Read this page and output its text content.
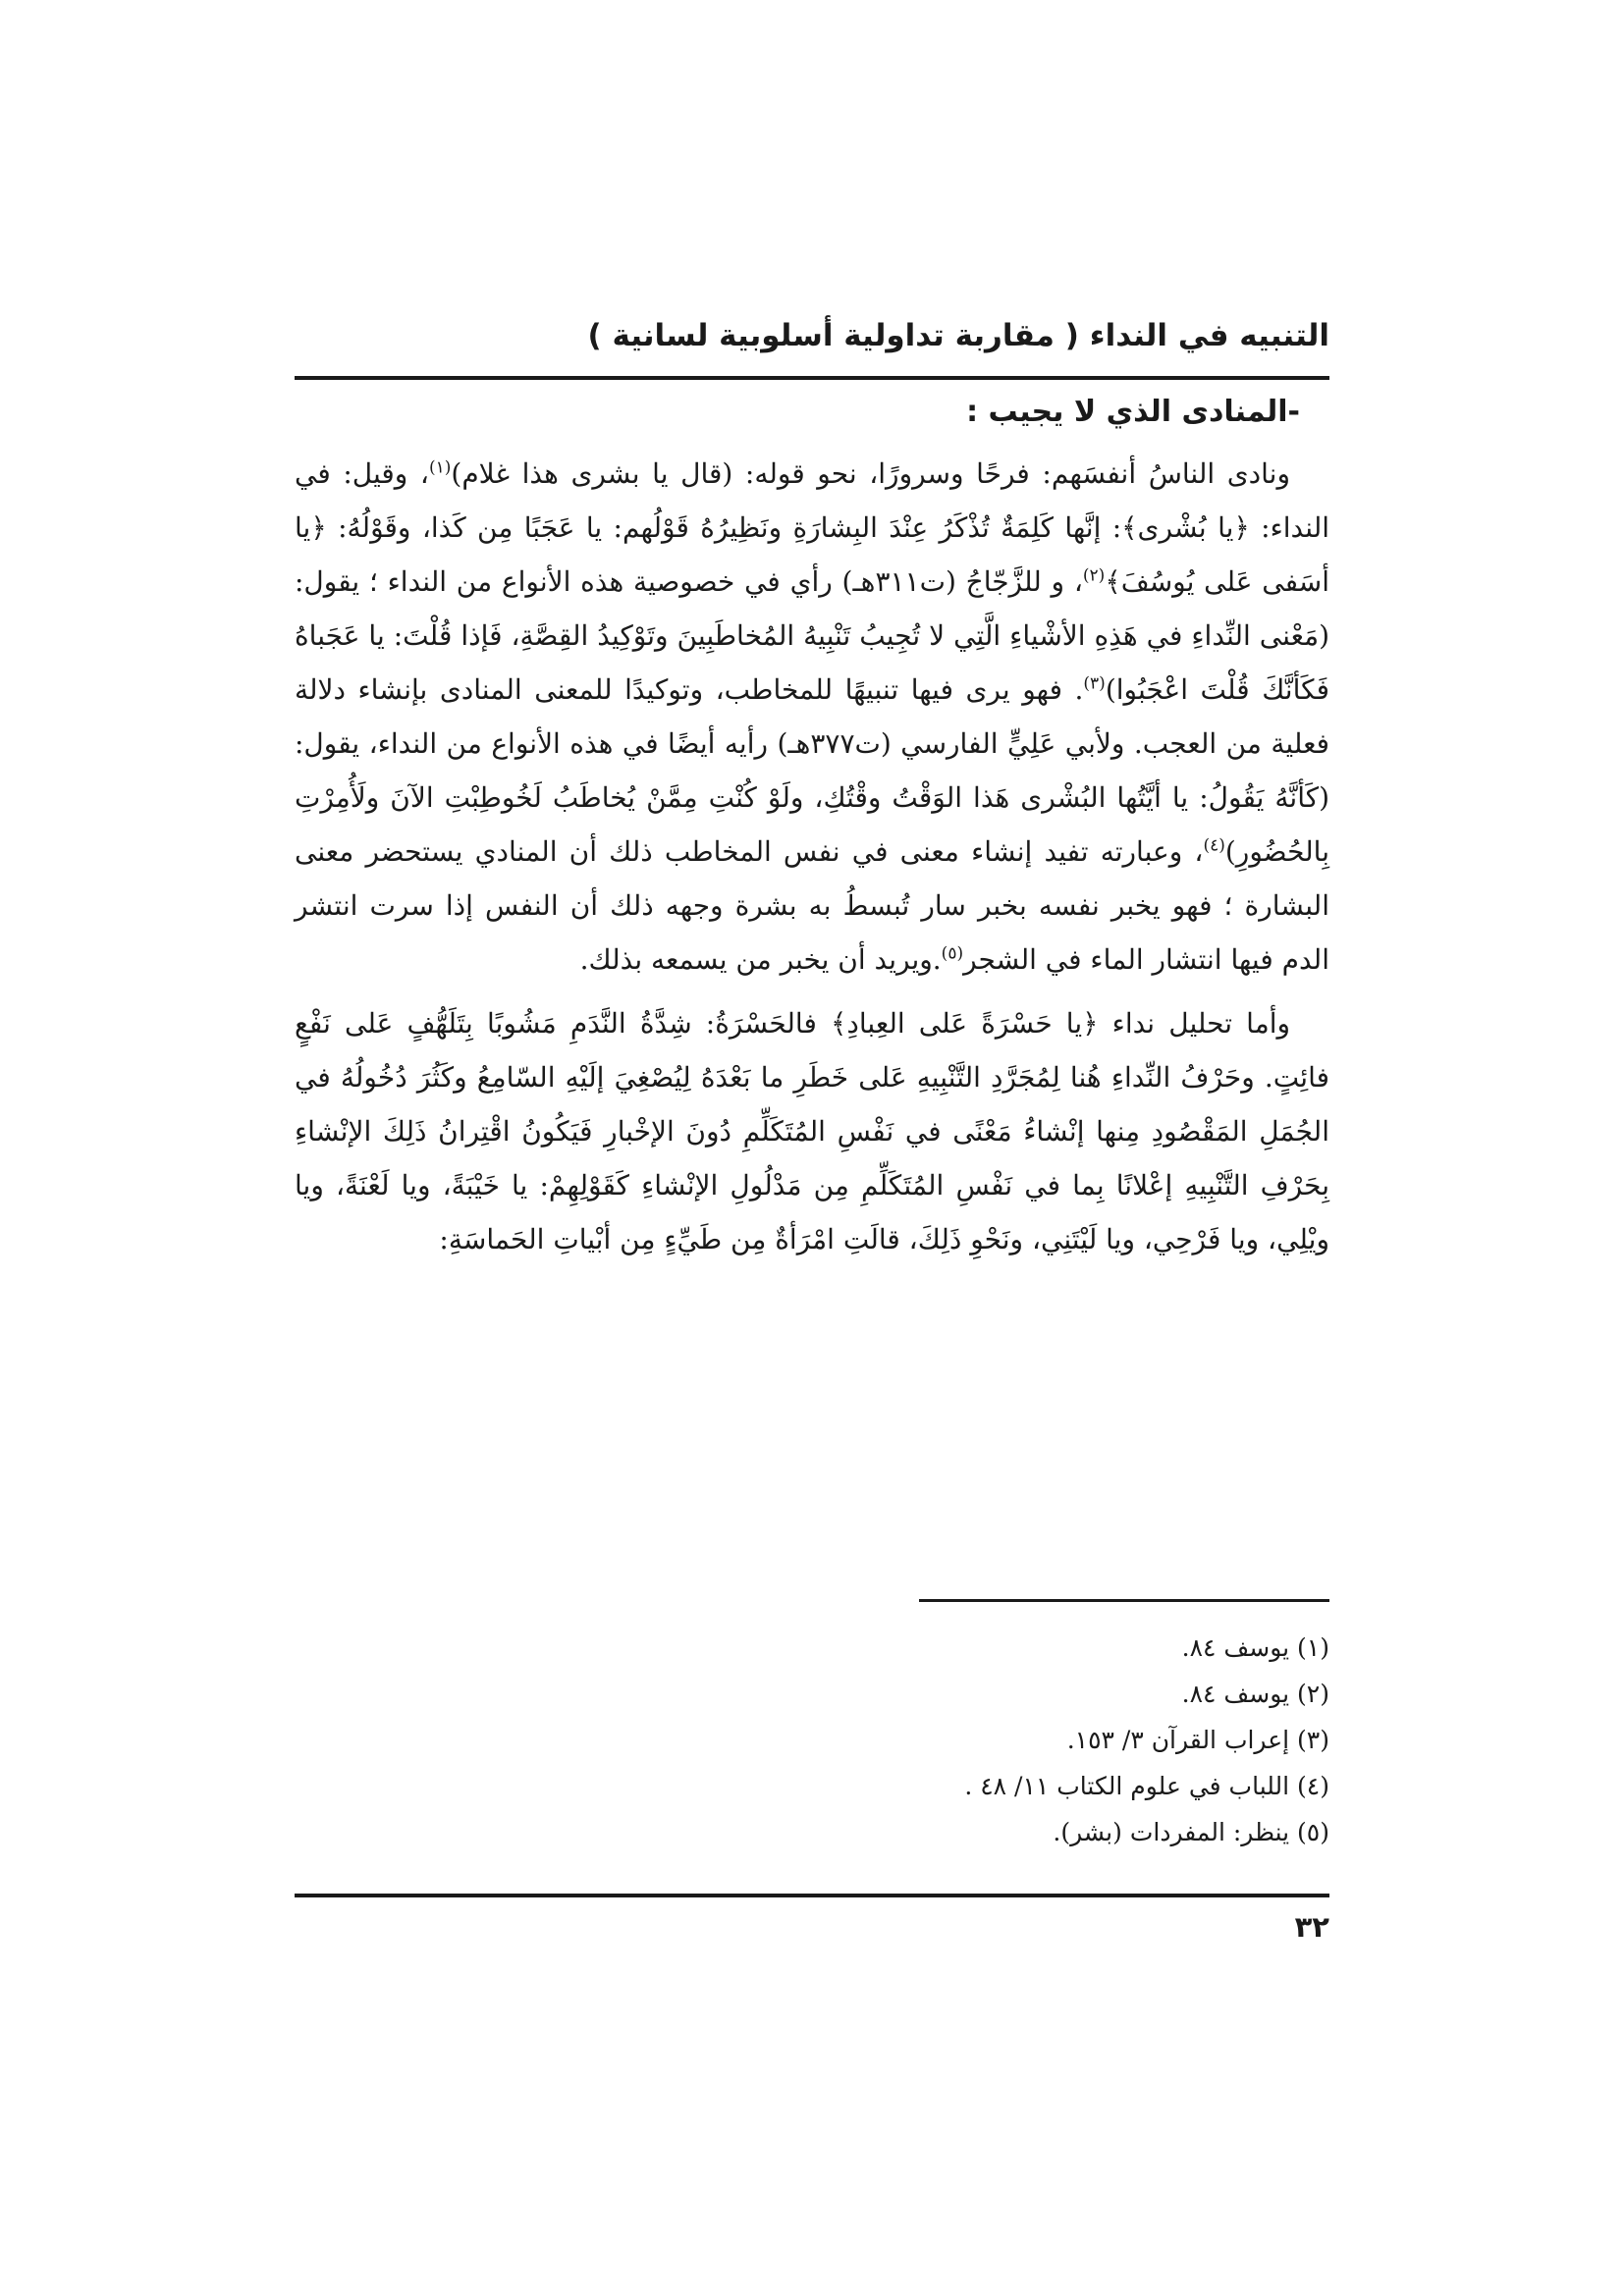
التنبيه في النداء ( مقاربة تداولية أسلوبية لسانية )
-المنادى الذي لا يجيب :

ونادى الناسُ أنفسَهم: فرحًا وسرورًا، نحو قوله: (قال يا بشرى هذا غلام)$^{(١)}$، وقيل: في النداء: ﴿يا بُشْرى﴾: إنَّها كَلِمَةٌ تُذْكَرُ عِنْدَ البِشارَةِ ونَظِيرُهُ قَوْلُهم: يا عَجَبًا مِن كَذا، وقَوْلُهُ: ﴿يا أسَفى عَلى يُوسُفَ﴾$^{(٢)}$، و للزَّجّاجُ (ت٣١١هـ) رأي في خصوصية هذه الأنواع من النداء ؛ يقول: (مَعْنى النِّداءِ في هَذِهِ الأشْياءِ الَّتِي لا تُجِيبُ تَنْبِيهُ المُخاطَبِينَ وتَوْكِيدُ القِصَّةِ، فَإذا قُلْتَ: يا عَجَباهُ فَكَأنَّكَ قُلْتَ اعْجَبُوا)$^{(٣)}$. فهو يرى فيها تنبيهًا للمخاطب، وتوكيدًا للمعنى المنادى بإنشاء دلالة فعلية من العجب. ولأبي عَلِيٍّ الفارسي (ت٣٧٧هـ) رأيه أيضًا في هذه الأنواع من النداء، يقول: (كَأنَّهُ يَقُولُ: يا أيَّتُها البُشْرى هَذا الوَقْتُ وقْتُكِ، ولَوْ كُنْتِ مِمَّنْ يُخاطَبُ لَخُوطِبْتِ الآنَ ولَأُمِرْتِ بِالحُضُورِ)$^{(٤)}$، وعبارته تفيد إنشاء معنى في نفس المخاطب ذلك أن المنادي يستحضر معنى البشارة ؛ فهو يخبر نفسه بخبر سار تُبسطُ به بشرة وجهه ذلك أن النفس إذا سرت انتشر الدم فيها انتشار الماء في الشجر$^{(٥)}$.ويريد أن يخبر من يسمعه بذلك.

وأما تحليل نداء ﴿يا حَسْرَةً عَلى العِبادِ﴾ فالحَسْرَةُ: شِدَّةُ النَّدَمِ مَشُوبًا بِتَلَهُّفٍ عَلى نَفْعٍ فائِتٍ. وحَرْفُ النِّداءِ هُنا لِمُجَرَّدِ التَّنْبِيهِ عَلى خَطَرِ ما بَعْدَهُ لِيُصْغِيَ إلَيْهِ السّامِعُ وكَثُرَ دُخُولُهُ في الجُمَلِ المَقْصُودِ مِنها إنْشاءُ مَعْنًى في نَفْسِ المُتَكَلِّمِ دُونَ الإخْبارِ فَيَكُونُ اقْتِرانُ ذَلِكَ الإنْشاءِ بِحَرْفِ التَّنْبِيهِ إعْلانًا بِما في نَفْسِ المُتَكَلِّمِ مِن مَدْلُولِ الإنْشاءِ كَقَوْلِهِمْ: يا خَيْبَةً، ويا لَعْنَةً، ويا ويْلِي، ويا فَرْحِي، ويا لَيْتَنِي، ونَحْوِ ذَلِكَ، قالَتِ امْرَأةٌ مِن طَيِّءٍ مِن أبْياتِ الحَماسَةِ:

(١) يوسف ٨٤.
(٢) يوسف ٨٤.
(٣) إعراب القرآن ٣/ ١٥٣.
(٤) اللباب في علوم الكتاب ١١/ ٤٨ .
(٥) ينظر: المفردات (بشر).
٣٢
